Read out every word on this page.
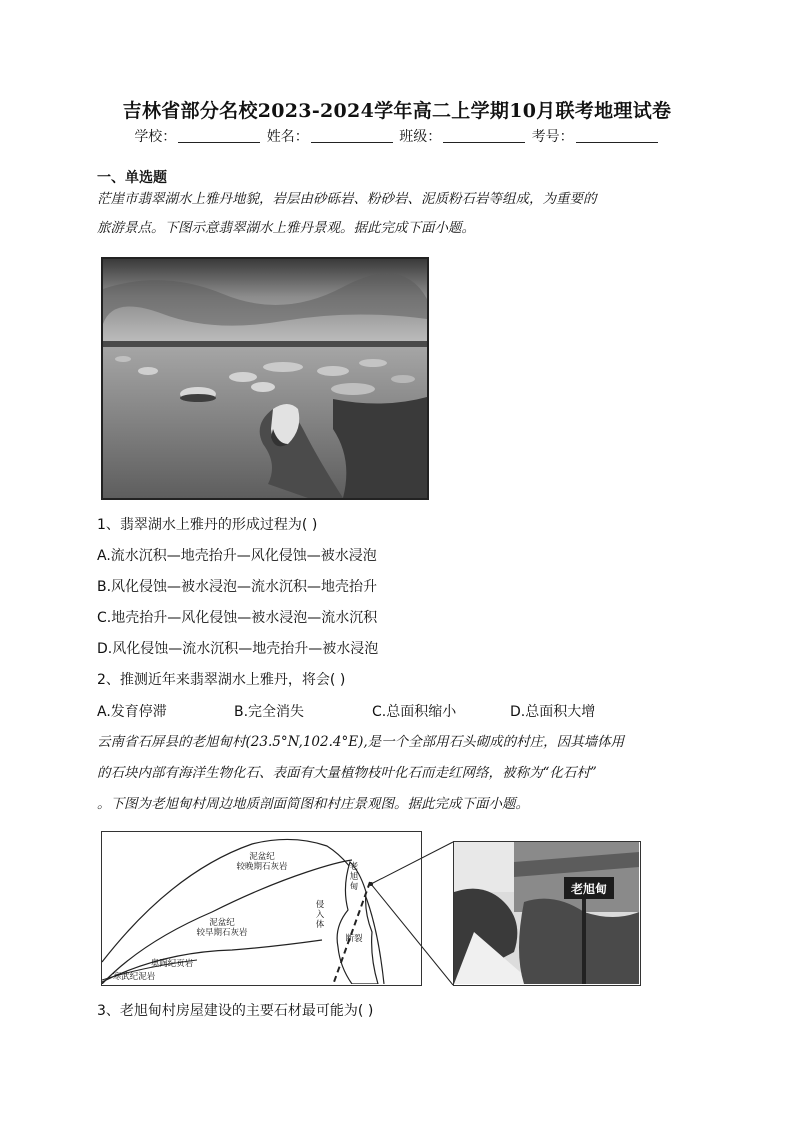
吉林省部分名校2023-2024学年高二上学期10月联考地理试卷
学校：	姓名：	班级：	考号：
一、单选题
茫崖市翡翠湖水上雅丹地貌，岩层由砂砾岩、粉砂岩、泥质粉石岩等组成，为重要的
旅游景点。下图示意翡翠湖水上雅丹景观。据此完成下面小题。
1、翡翠湖水上雅丹的形成过程为( )
A.流水沉积—地壳抬升—风化侵蚀—被水浸泡
B.风化侵蚀—被水浸泡—流水沉积—地壳抬升
C.地壳抬升—风化侵蚀—被水浸泡—流水沉积
D.风化侵蚀—流水沉积—地壳抬升—被水浸泡
2、推测近年来翡翠湖水上雅丹，将会( )
A.发育停滞	B.完全消失	C.总面积缩小	D.总面积大增
云南省石屏县的老旭甸村(23.5°N,102.4°E),是一个全部用石头砌成的村庄，因其墙体用
的石块内部有海洋生物化石、表面有大量植物枝叶化石而走红网络，被称为“化石村”
。下图为老旭甸村周边地质剖面简图和村庄景观图。据此完成下面小题。
泥盆纪
较晚期石灰岩
泥盆纪
较早期石灰岩
奥陶纪页岩
寒武纪泥岩
侵
入
体
老
旭
甸
断裂
老旭甸
3、老旭甸村房屋建设的主要石材最可能为( )
